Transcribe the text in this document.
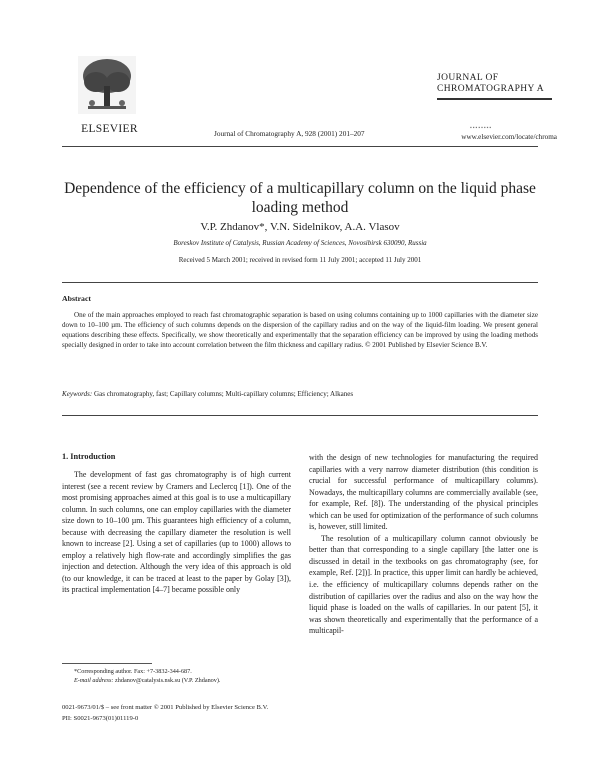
ELSEVIER	Journal of Chromatography A, 928 (2001) 201–207
JOURNAL OF
CHROMATOGRAPHY A
▪▪▪▪▪▪▪▪
www.elsevier.com/locate/chroma
Dependence of the efficiency of a multicapillary column on the liquid phase loading method
V.P. Zhdanov*, V.N. Sidelnikov, A.A. Vlasov
Boreskov Institute of Catalysis, Russian Academy of Sciences, Novosibirsk 630090, Russia
Received 5 March 2001; received in revised form 11 July 2001; accepted 11 July 2001
Abstract
One of the main approaches employed to reach fast chromatographic separation is based on using columns containing up to 1000 capillaries with the diameter size down to 10–100 µm. The efficiency of such columns depends on the dispersion of the capillary radius and on the way of the liquid-film loading. We present general equations describing these effects. Specifically, we show theoretically and experimentally that the separation efficiency can be improved by using the loading methods specially designed in order to take into account correlation between the film thickness and capillary radius. © 2001 Published by Elsevier Science B.V.
Keywords: Gas chromatography, fast; Capillary columns; Multi-capillary columns; Efficiency; Alkanes
1. Introduction

The development of fast gas chromatography is of high current interest (see a recent review by Cramers and Leclercq [1]). One of the most promising approaches aimed at this goal is to use a multicapillary column. In such columns, one can employ capillaries with the diameter size down to 10–100 µm. This guarantees high efficiency of a column, because with decreasing the capillary diameter the resolution is well known to increase [2]. Using a set of capillaries (up to 1000) allows to employ a relatively high flow-rate and accordingly simplifies the gas injection and detection. Although the very idea of this approach is old (to our knowledge, it can be traced at least to the paper by Golay [3]), its practical implementation [4–7] became possible only

with the design of new technologies for manufacturing the required capillaries with a very narrow diameter distribution (this condition is crucial for successful performance of multicapillary columns). Nowadays, the multicapillary columns are commercially available (see, for example, Ref. [8]). The understanding of the physical principles which can be used for optimization of the performance of such columns is, however, still limited.

The resolution of a multicapillary column cannot obviously be better than that corresponding to a single capillary [the latter one is discussed in detail in the textbooks on gas chromatography (see, for example, Ref. [2])]. In practice, this upper limit can hardly be achieved, i.e. the efficiency of multicapillary columns depends rather on the distribution of capillaries over the radius and also on the way how the liquid phase is loaded on the walls of capillaries. In our patent [5], it was shown theoretically and experimentally that the performance of a multicapil-

*Corresponding author. Fax: +7-3832-344-687.
E-mail address: zhdanov@catalysis.nsk.su (V.P. Zhdanov).
0021-9673/01/$ – see front matter © 2001 Published by Elsevier Science B.V.
PII: S0021-9673(01)01119-0
